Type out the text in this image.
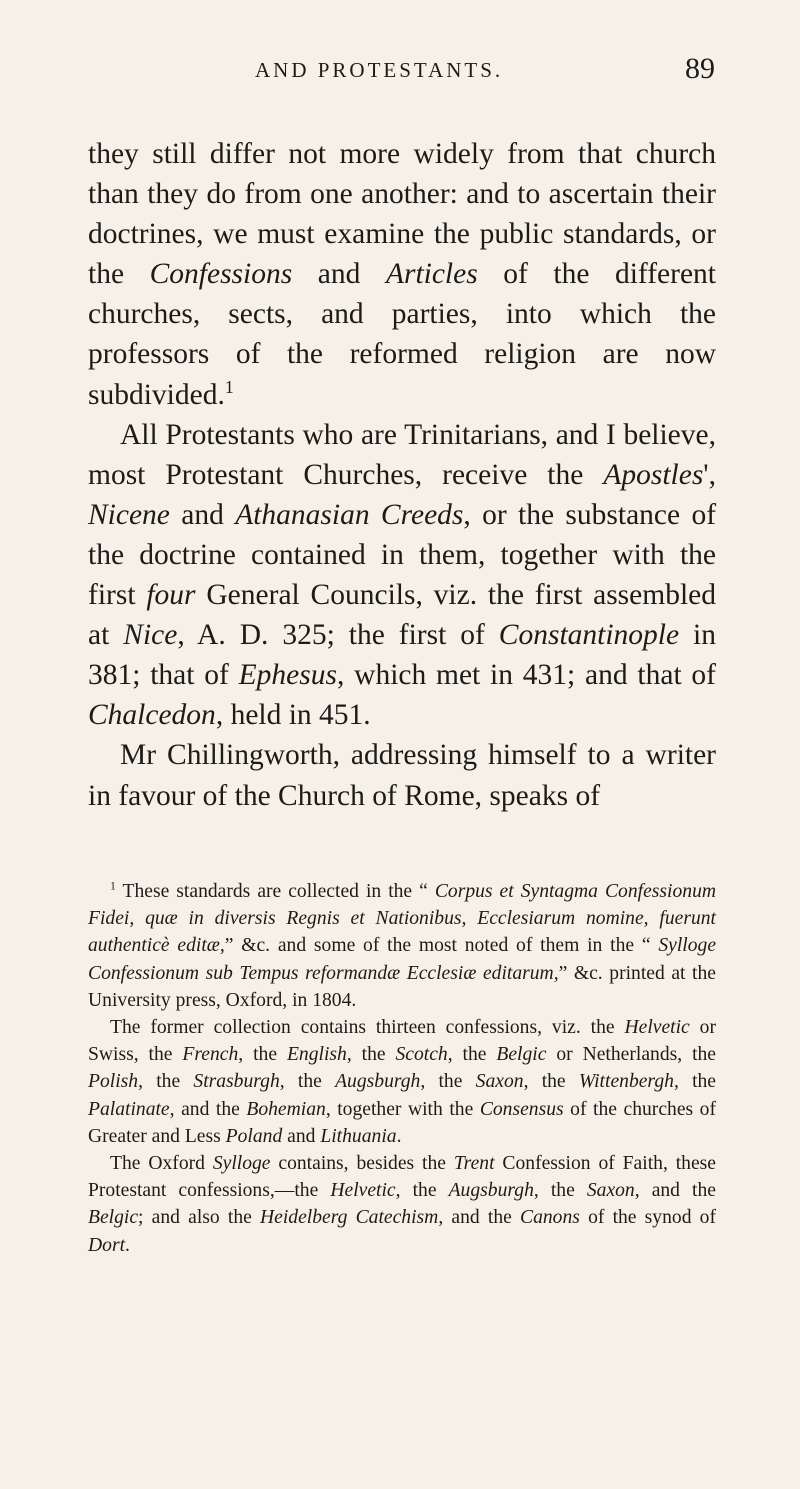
AND PROTESTANTS.	89

they still differ not more widely from that church than they do from one another: and to ascertain their doctrines, we must examine the public standards, or the Confessions and Articles of the different churches, sects, and parties, into which the professors of the reformed religion are now subdivided.$^1$

All Protestants who are Trinitarians, and I believe, most Protestant Churches, receive the Apostles', Nicene and Athanasian Creeds, or the substance of the doctrine contained in them, together with the first four General Councils, viz. the first assembled at Nice, A. D. 325; the first of Constantinople in 381; that of Ephesus, which met in 431; and that of Chalcedon, held in 451.

Mr Chillingworth, addressing himself to a writer in favour of the Church of Rome, speaks of

$^1$ These standards are collected in the “ Corpus et Syntagma Confessionum Fidei, quæ in diversis Regnis et Nationibus, Ecclesiarum nomine, fuerunt authenticè editæ,” &c. and some of the most noted of them in the “ Sylloge Confessionum sub Tempus reformandæ Ecclesiæ editarum,” &c. printed at the University press, Oxford, in 1804.

The former collection contains thirteen confessions, viz. the Helvetic or Swiss, the French, the English, the Scotch, the Belgic or Netherlands, the Polish, the Strasburgh, the Augsburgh, the Saxon, the Wittenbergh, the Palatinate, and the Bohemian, together with the Consensus of the churches of Greater and Less Poland and Lithuania.

The Oxford Sylloge contains, besides the Trent Confession of Faith, these Protestant confessions,—the Helvetic, the Augsburgh, the Saxon, and the Belgic; and also the Heidelberg Catechism, and the Canons of the synod of Dort.
